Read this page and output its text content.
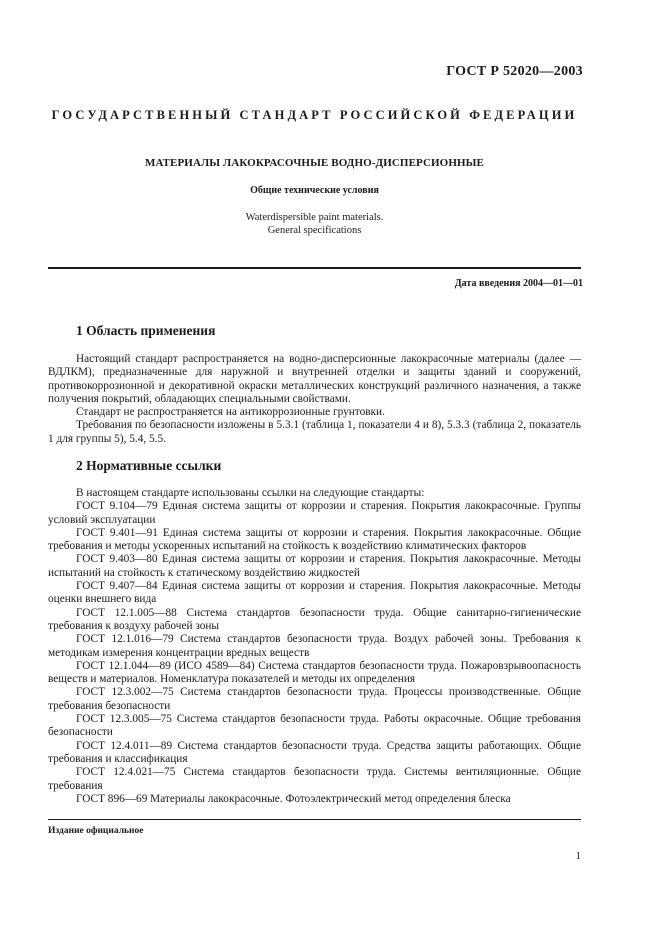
ГОСТ Р 52020—2003
ГОСУДАРСТВЕННЫЙ СТАНДАРТ РОССИЙСКОЙ ФЕДЕРАЦИИ
МАТЕРИАЛЫ ЛАКОКРАСОЧНЫЕ ВОДНО-ДИСПЕРСИОННЫЕ
Общие технические условия
Waterdispersible paint materials.
General specifications
Дата введения 2004—01—01
1 Область применения

Настоящий стандарт распространяется на водно-дисперсионные лакокрасочные материалы (далее — ВДЛКМ), предназначенные для наружной и внутренней отделки и защиты зданий и сооружений, противокоррозионной и декоративной окраски металлических конструкций различного назначения, а также получения покрытий, обладающих специальными свойствами.

Стандарт не распространяется на антикоррозионные грунтовки.

Требования по безопасности изложены в 5.3.1 (таблица 1, показатели 4 и 8), 5.3.3 (таблица 2, показатель 1 для группы 5), 5.4, 5.5.

2 Нормативные ссылки

В настоящем стандарте использованы ссылки на следующие стандарты:

ГОСТ 9.104—79 Единая система защиты от коррозии и старения. Покрытия лакокрасочные. Группы условий эксплуатации

ГОСТ 9.401—91 Единая система защиты от коррозии и старения. Покрытия лакокрасочные. Общие требования и методы ускоренных испытаний на стойкость к воздействию климатических факторов

ГОСТ 9.403—80 Единая система защиты от коррозии и старения. Покрытия лакокрасочные. Методы испытаний на стойкость к статическому воздействию жидкостей

ГОСТ 9.407—84 Единая система защиты от коррозии и старения. Покрытия лакокрасочные. Методы оценки внешнего вида

ГОСТ 12.1.005—88 Система стандартов безопасности труда. Общие санитарно-гигиенические требования к воздуху рабочей зоны

ГОСТ 12.1.016—79 Система стандартов безопасности труда. Воздух рабочей зоны. Требования к методикам измерения концентрации вредных веществ

ГОСТ 12.1.044—89 (ИСО 4589—84) Система стандартов безопасности труда. Пожаровзрывоопасность веществ и материалов. Номенклатура показателей и методы их определения

ГОСТ 12.3.002—75 Система стандартов безопасности труда. Процессы производственные. Общие требования безопасности

ГОСТ 12.3.005—75 Система стандартов безопасности труда. Работы окрасочные. Общие требования безопасности

ГОСТ 12.4.011—89 Система стандартов безопасности труда. Средства защиты работающих. Общие требования и классификация

ГОСТ 12.4.021—75 Система стандартов безопасности труда. Системы вентиляционные. Общие требования

ГОСТ 896—69 Материалы лакокрасочные. Фотоэлектрический метод определения блеска

Издание официальное
1
